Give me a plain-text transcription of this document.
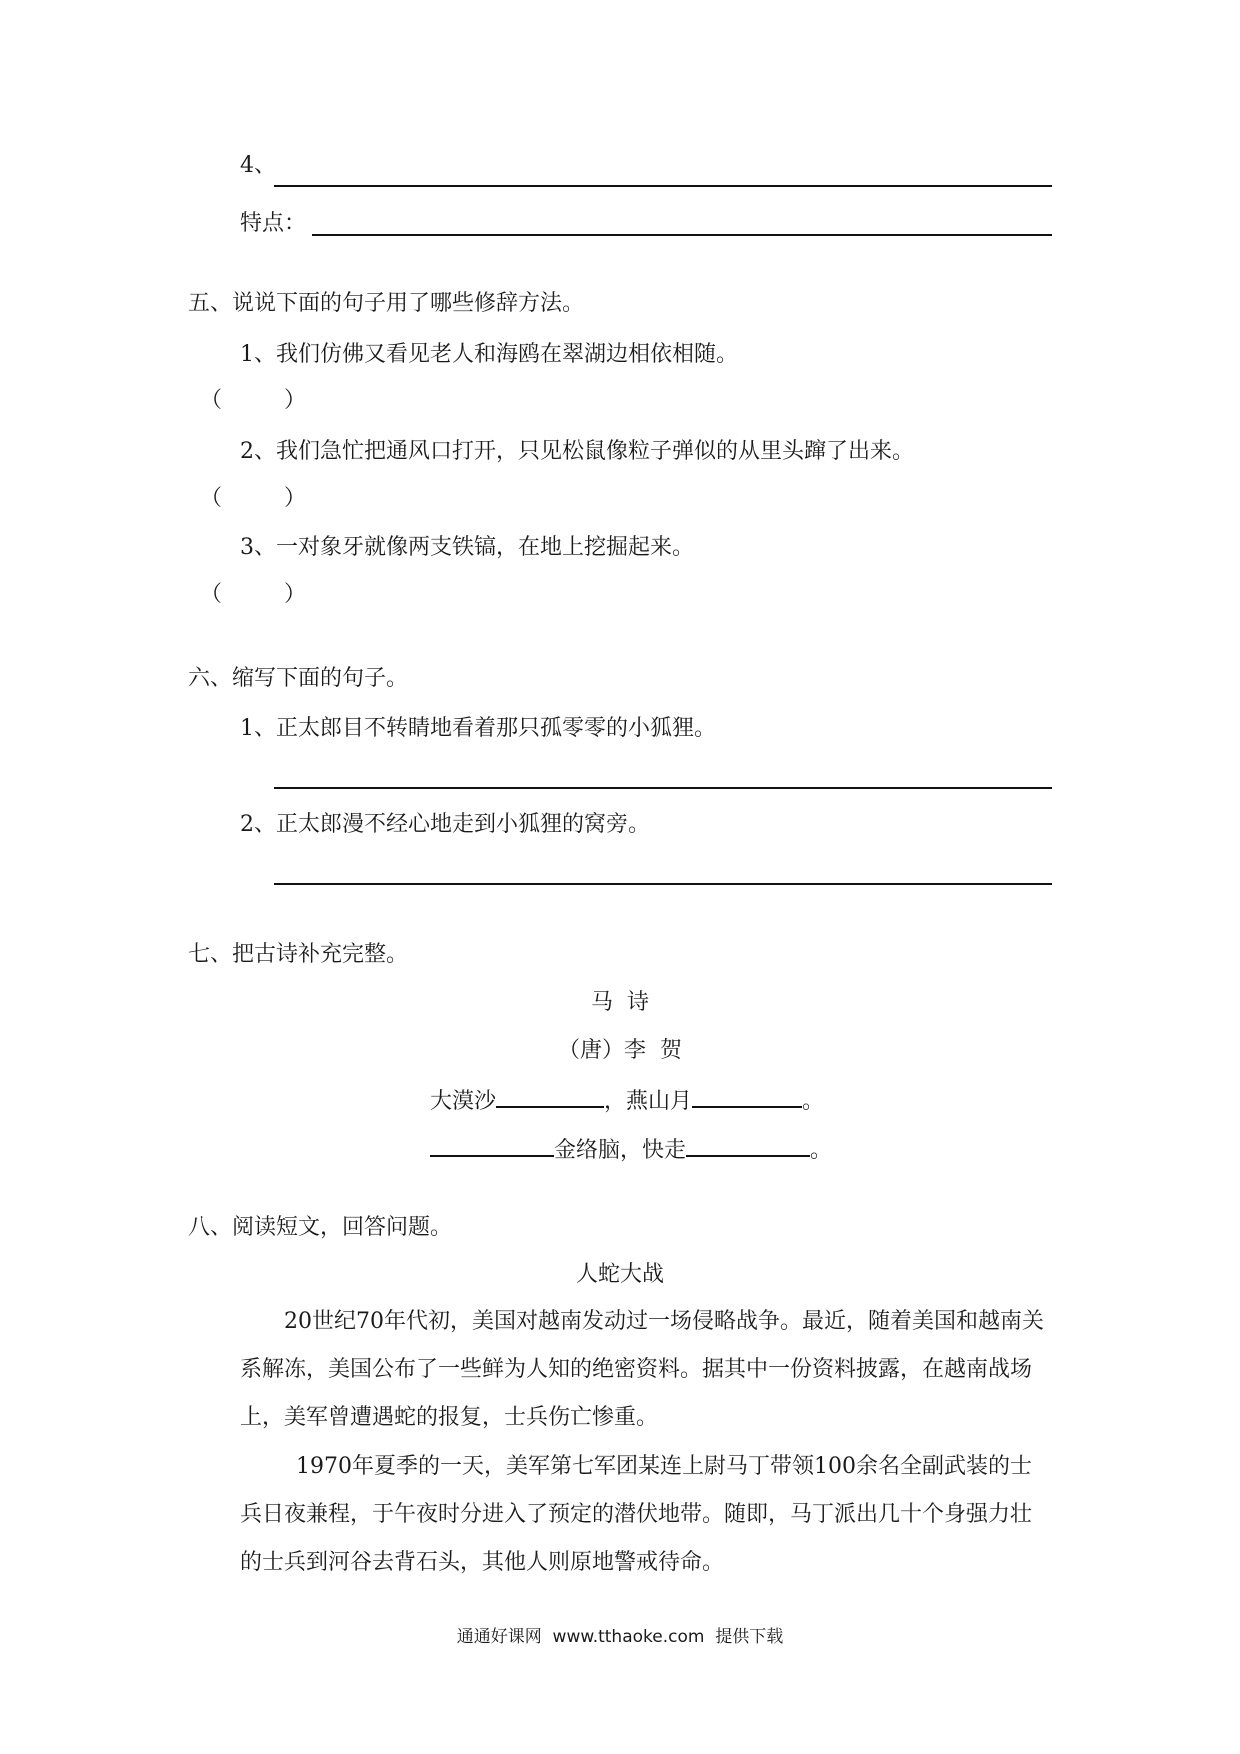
4、
特点：
五、说说下面的句子用了哪些修辞方法。
1、我们仿佛又看见老人和海鸥在翠湖边相依相随。
（	）
2、我们急忙把通风口打开，只见松鼠像粒子弹似的从里头蹿了出来。
（	）
3、一对象牙就像两支铁镐，在地上挖掘起来。
（	）
六、缩写下面的句子。
1、正太郎目不转睛地看着那只孤零零的小狐狸。
2、正太郎漫不经心地走到小狐狸的窝旁。
七、把古诗补充完整。
马  诗
（唐）李  贺
大漠沙	，燕山月	。
金络脑，快走	。
八、阅读短文，回答问题。
人蛇大战
20世纪70年代初，美国对越南发动过一场侵略战争。最近，随着美国和越南关系解冻，美国公布了一些鲜为人知的绝密资料。据其中一份资料披露，在越南战场上，美军曾遭遇蛇的报复，士兵伤亡惨重。
1970年夏季的一天，美军第七军团某连上尉马丁带领100余名全副武装的士兵日夜兼程，于午夜时分进入了预定的潜伏地带。随即，马丁派出几十个身强力壮的士兵到河谷去背石头，其他人则原地警戒待命。
通通好课网  www.tthaoke.com  提供下载
